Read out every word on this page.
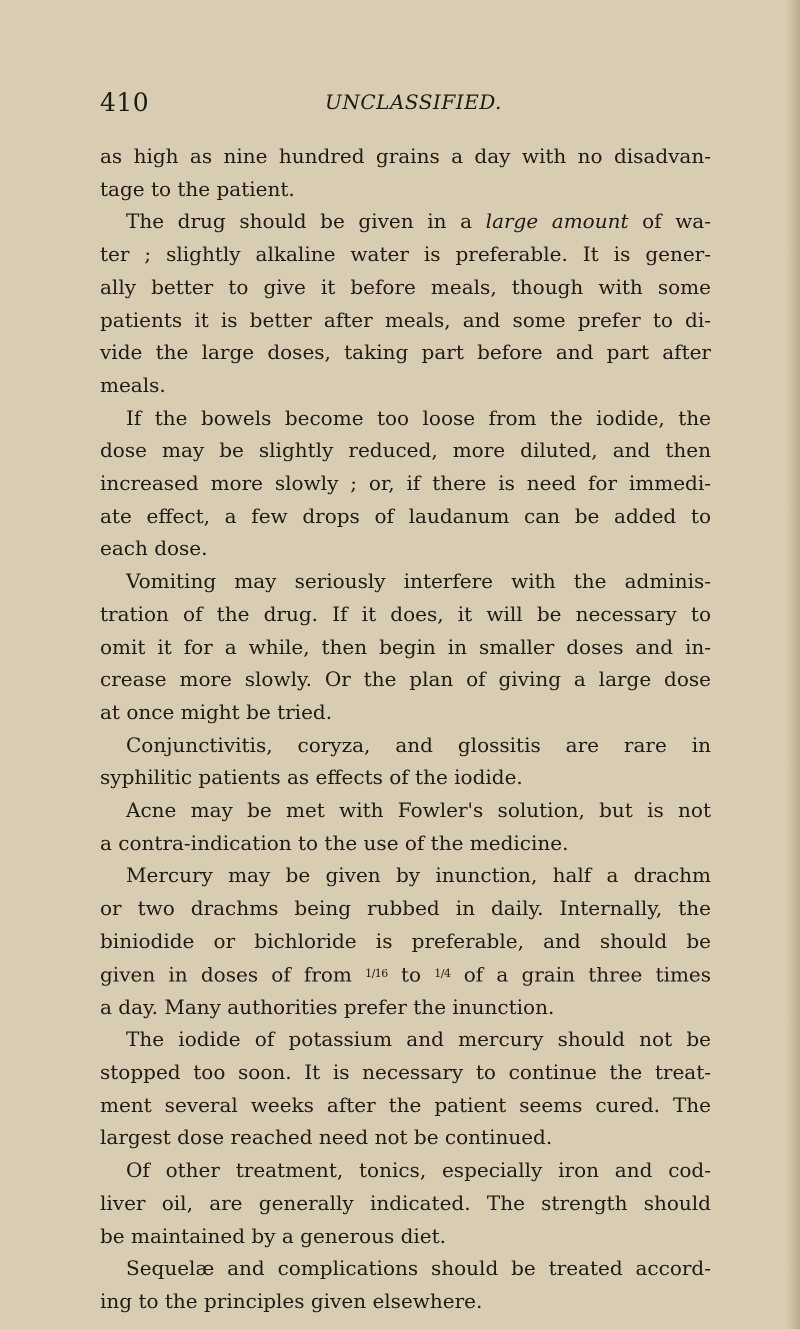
410	UNCLASSIFIED.
as high as nine hundred grains a day with no disadvan-
tage to the patient.
The drug should be given in a large amount of wa-
ter ; slightly alkaline water is preferable. It is gener-
ally better to give it before meals, though with some
patients it is better after meals, and some prefer to di-
vide the large doses, taking part before and part after
meals.
If the bowels become too loose from the iodide, the
dose may be slightly reduced, more diluted, and then
increased more slowly ; or, if there is need for immedi-
ate effect, a few drops of laudanum can be added to
each dose.
Vomiting may seriously interfere with the adminis-
tration of the drug. If it does, it will be necessary to
omit it for a while, then begin in smaller doses and in-
crease more slowly. Or the plan of giving a large dose
at once might be tried.
Conjunctivitis, coryza, and glossitis are rare in
syphilitic patients as effects of the iodide.
Acne may be met with Fowler's solution, but is not
a contra-indication to the use of the medicine.
Mercury may be given by inunction, half a drachm
or two drachms being rubbed in daily. Internally, the
biniodide or bichloride is preferable, and should be
given in doses of from $^{1/16}$ to $^{1/4}$ of a grain three times
a day. Many authorities prefer the inunction.
The iodide of potassium and mercury should not be
stopped too soon. It is necessary to continue the treat-
ment several weeks after the patient seems cured. The
largest dose reached need not be continued.
Of other treatment, tonics, especially iron and cod-
liver oil, are generally indicated. The strength should
be maintained by a generous diet.
Sequelæ and complications should be treated accord-
ing to the principles given elsewhere.
